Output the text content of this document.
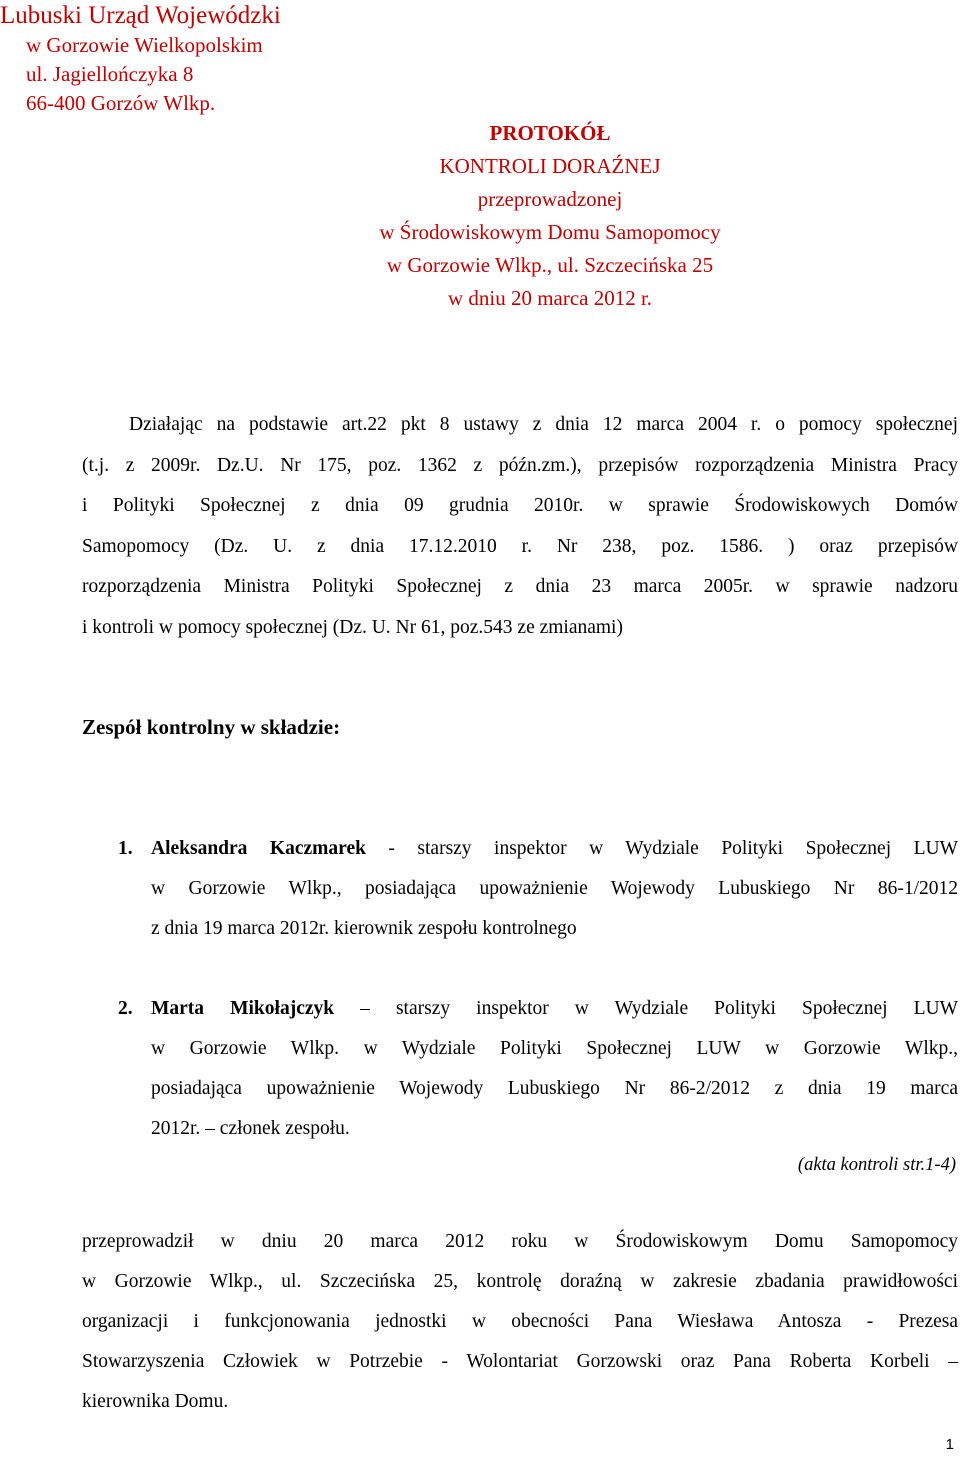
Lubuski Urząd Wojewódzki
w Gorzowie Wielkopolskim
ul. Jagiellończyka 8
66-400 Gorzów Wlkp.
PROTOKÓŁ
KONTROLI DORAŹNEJ
przeprowadzonej
w Środowiskowym Domu Samopomocy
w Gorzowie Wlkp., ul. Szczecińska 25
w dniu 20 marca 2012 r.
Działając na podstawie art.22 pkt 8 ustawy z dnia 12 marca 2004 r. o pomocy społecznej
(t.j. z 2009r. Dz.U. Nr 175, poz. 1362 z późn.zm.), przepisów rozporządzenia Ministra Pracy
i Polityki Społecznej z dnia 09 grudnia 2010r. w sprawie Środowiskowych Domów
Samopomocy (Dz. U. z dnia 17.12.2010 r. Nr 238, poz. 1586. ) oraz przepisów
rozporządzenia Ministra Polityki Społecznej z dnia 23 marca 2005r. w sprawie nadzoru
i kontroli w pomocy społecznej (Dz. U. Nr 61, poz.543 ze zmianami)
Zespół kontrolny w składzie:
1. Aleksandra Kaczmarek - starszy inspektor w Wydziale Polityki Społecznej LUW
w Gorzowie Wlkp., posiadająca upoważnienie Wojewody Lubuskiego Nr 86-1/2012
z dnia 19 marca 2012r. kierownik zespołu kontrolnego
2. Marta Mikołajczyk – starszy inspektor w Wydziale Polityki Społecznej LUW
w Gorzowie Wlkp. w Wydziale Polityki Społecznej LUW w Gorzowie Wlkp.,
posiadająca upoważnienie Wojewody Lubuskiego Nr 86-2/2012 z dnia 19 marca
2012r. – członek zespołu.
(akta kontroli str.1-4)
przeprowadził w dniu 20 marca 2012 roku w Środowiskowym Domu Samopomocy
w Gorzowie Wlkp., ul. Szczecińska 25, kontrolę doraźną w zakresie zbadania prawidłowości
organizacji i funkcjonowania jednostki w obecności Pana Wiesława Antosza - Prezesa
Stowarzyszenia Człowiek w Potrzebie - Wolontariat Gorzowski oraz Pana Roberta Korbeli –
kierownika Domu.
1
